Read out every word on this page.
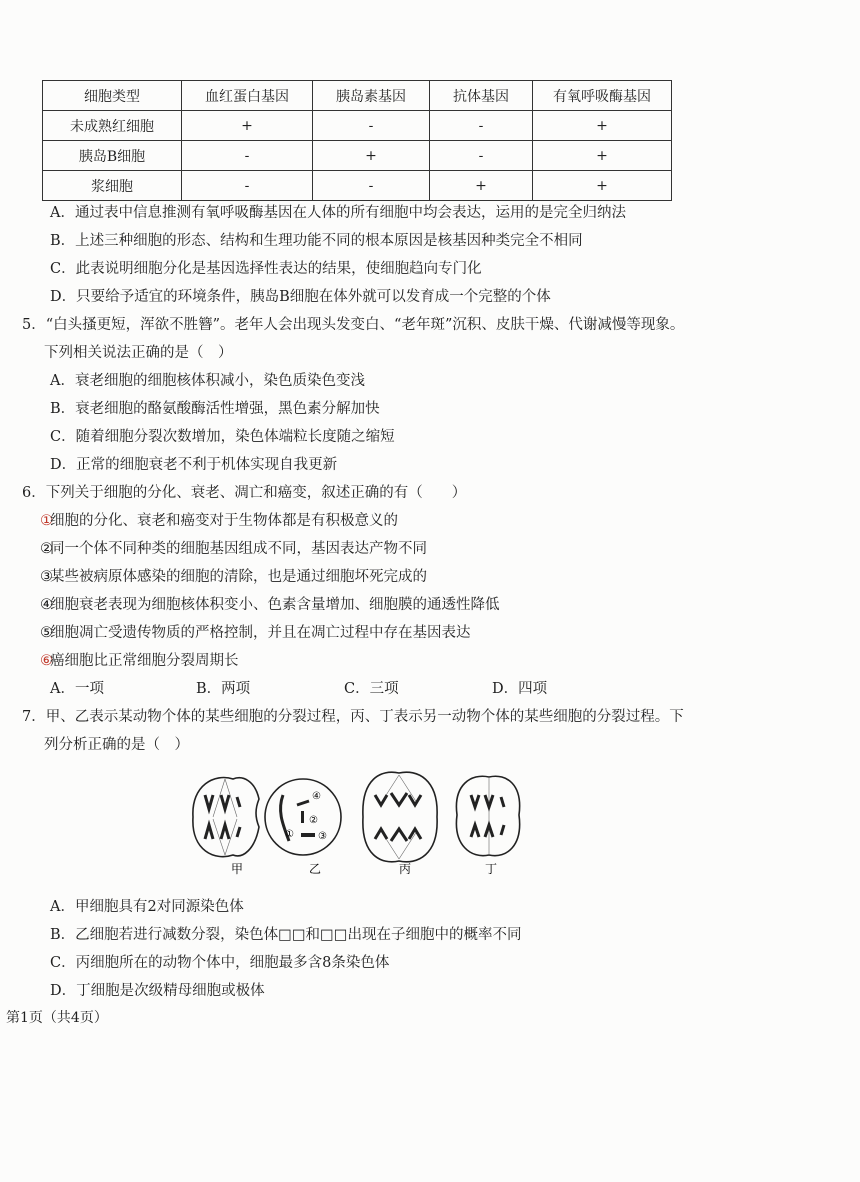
细胞类型	血红蛋白基因	胰岛素基因	抗体基因	有氧呼吸酶基因
未成熟红细胞	+	-	-	+
胰岛B细胞	-	+	-	+
浆细胞	-	-	+	+
A．通过表中信息推测有氧呼吸酶基因在人体的所有细胞中均会表达，运用的是完全归纳法
B．上述三种细胞的形态、结构和生理功能不同的根本原因是核基因种类完全不相同
C．此表说明细胞分化是基因选择性表达的结果，使细胞趋向专门化
D．只要给予适宜的环境条件，胰岛B细胞在体外就可以发育成一个完整的个体
5．“白头搔更短，浑欲不胜簪”。老年人会出现头发变白、“老年斑”沉积、皮肤干燥、代谢减慢等现象。
下列相关说法正确的是（　）
A．衰老细胞的细胞核体积减小，染色质染色变浅
B．衰老细胞的酪氨酸酶活性增强，黑色素分解加快
C．随着细胞分裂次数增加，染色体端粒长度随之缩短
D．正常的细胞衰老不利于机体实现自我更新
6．下列关于细胞的分化、衰老、凋亡和癌变，叙述正确的有（　　）
①细胞的分化、衰老和癌变对于生物体都是有积极意义的
②同一个体不同种类的细胞基因组成不同，基因表达产物不同
③某些被病原体感染的细胞的清除，也是通过细胞坏死完成的
④细胞衰老表现为细胞核体积变小、色素含量增加、细胞膜的通透性降低
⑤细胞凋亡受遗传物质的严格控制，并且在凋亡过程中存在基因表达
⑥癌细胞比正常细胞分裂周期长
A．一项	B．两项	C．三项	D．四项
7．甲、乙表示某动物个体的某些细胞的分裂过程，丙、丁表示另一动物个体的某些细胞的分裂过程。下
列分析正确的是（　）
④
②
③
①
甲	乙	丙	丁
A．甲细胞具有2对同源染色体
B．乙细胞若进行减数分裂，染色体□□和□□出现在子细胞中的概率不同
C．丙细胞所在的动物个体中，细胞最多含8条染色体
D．丁细胞是次级精母细胞或极体
第1页（共4页）
